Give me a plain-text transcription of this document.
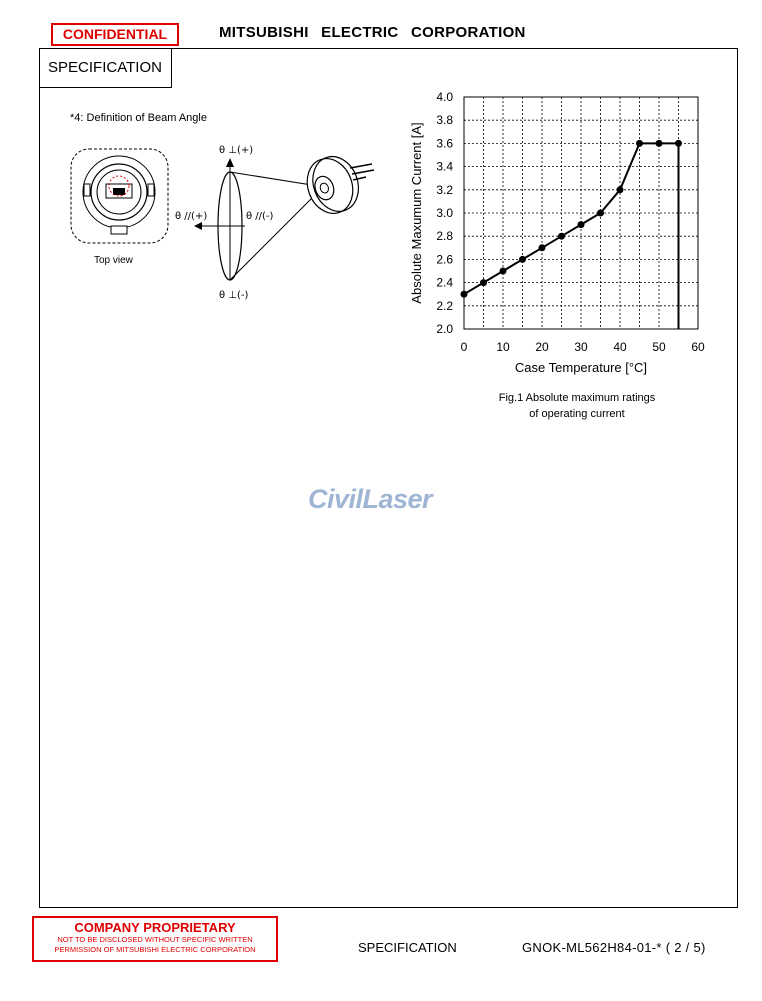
CONFIDENTIAL	MITSUBISHI ELECTRIC CORPORATION
SPECIFICATION
*4: Definition of Beam Angle
Top view
θ ⊥(+)
θ ⊥(-)
θ //(+)	θ //(-)
2.0
2.2
2.4
2.6
2.8
3.0
3.2
3.4
3.6
3.8
4.0
0 10 20 30 40 50 60
Case Temperature [°C]
Absolute Maxumum Current [A]
Fig.1 Absolute maximum ratings
of operating current
CivilLaser
COMPANY PROPRIETARY
NOT TO BE DISCLOSED WITHOUT SPECIFIC WRITTEN
PERMISSION OF MITSUBISHI ELECTRIC CORPORATION	SPECIFICATION	GNOK-ML562H84-01-* ( 2 / 5)
